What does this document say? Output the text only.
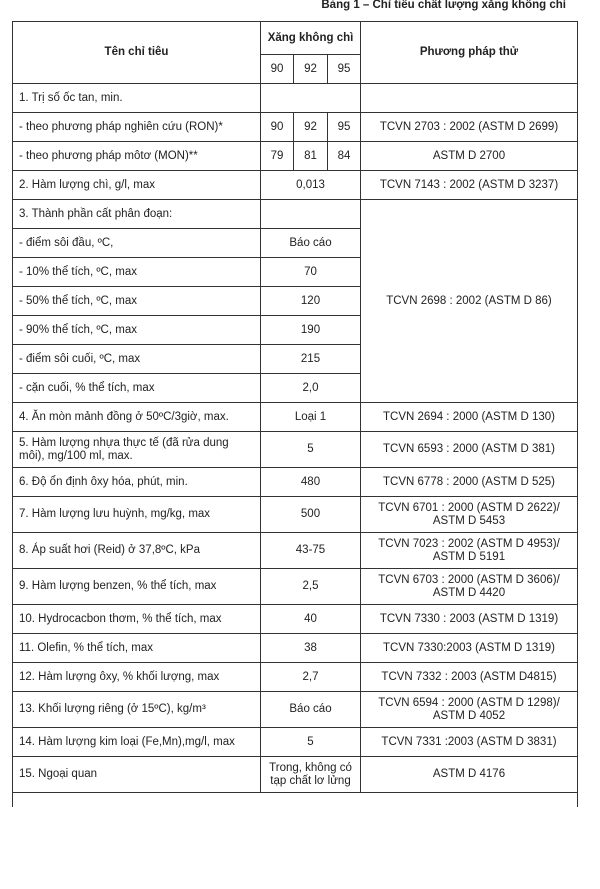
Bảng 1 – Chỉ tiêu chất lượng xăng không chì
Tên chỉ tiêu	Xăng không chì			Phương pháp thử
	90	92	95	
1. Trị số ốc tan, min.				
- theo phương pháp nghiên cứu (RON)*	90	92	95	TCVN 2703 : 2002 (ASTM D 2699)
- theo phương pháp môtơ (MON)**	79	81	84	ASTM D 2700
2. Hàm lượng chì, g/l, max	0,013			TCVN 7143 : 2002 (ASTM D 3237)
3. Thành phần cất phân đoạn:				TCVN 2698 : 2002 (ASTM D 86)
- điểm sôi đầu, ºC,	Báo cáo			
- 10% thể tích, ºC, max	70			
- 50% thể tích, ºC, max	120			
- 90% thể tích, ºC, max	190			
- điểm sôi cuối, ºC, max	215			
- cặn cuối, % thể tích, max	2,0			
4. Ăn mòn mảnh đồng ở 50ºC/3giờ, max.	Loại 1			TCVN 2694 : 2000 (ASTM D 130)
5. Hàm lượng nhựa thực tế (đã rửa dung môi), mg/100 ml, max.	5			TCVN 6593 : 2000 (ASTM D 381)
6. Độ ổn định ôxy hóa, phút, min.	480			TCVN 6778 : 2000 (ASTM D 525)
7. Hàm lượng lưu huỳnh, mg/kg, max	500			TCVN 6701 : 2000 (ASTM D 2622)/ ASTM D 5453
8. Áp suất hơi (Reid) ở 37,8ºC, kPa	43-75			TCVN 7023 : 2002 (ASTM D 4953)/ ASTM D 5191
9. Hàm lượng benzen, % thể tích, max	2,5			TCVN 6703 : 2000 (ASTM D 3606)/ ASTM D 4420
10. Hydrocacbon thơm, % thể tích, max	40			TCVN 7330 : 2003 (ASTM D 1319)
11. Olefin, % thể tích, max	38			TCVN 7330:2003 (ASTM D 1319)
12. Hàm lượng ôxy, % khối lượng, max	2,7			TCVN 7332 : 2003 (ASTM D4815)
13. Khối lượng riêng (ở 15ºC), kg/m³	Báo cáo			TCVN 6594 : 2000 (ASTM D 1298)/ ASTM D 4052
14. Hàm lượng kim loại (Fe,Mn),mg/l, max	5			TCVN 7331 :2003 (ASTM D 3831)
15. Ngoại quan	Trong, không có tạp chất lơ lửng			ASTM D 4176
